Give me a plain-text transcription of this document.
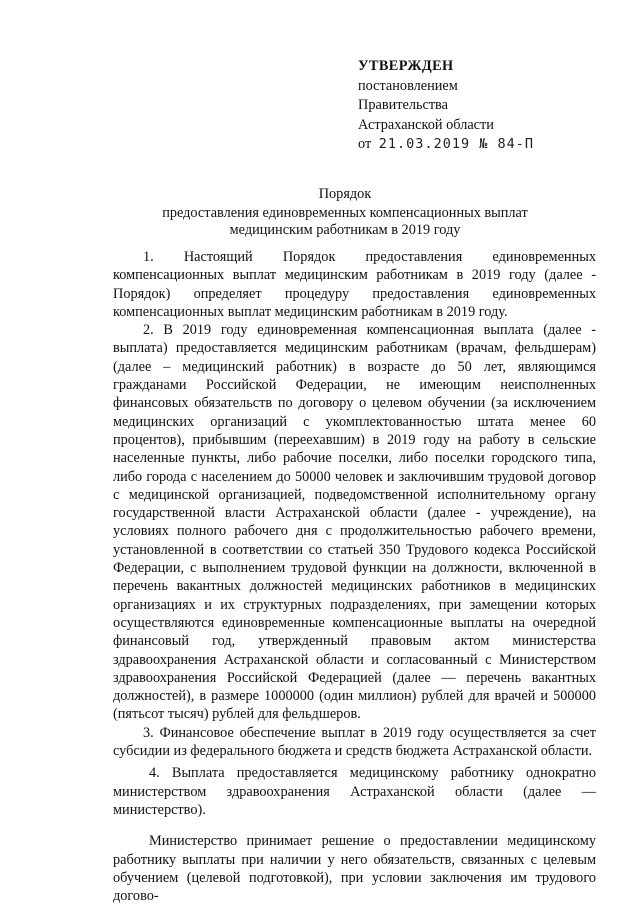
УТВЕРЖДЕН
постановлением
Правительства
Астраханской области
от 21.03.2019 № 84-П
Порядок
предоставления единовременных компенсационных выплат
медицинским работникам в 2019 году

1. Настоящий Порядок предоставления единовременных компенсационных выплат медицинским работникам в 2019 году (далее - Порядок) определяет процедуру предоставления единовременных компенсационных выплат медицинским работникам в 2019 году.

2. В 2019 году единовременная компенсационная выплата (далее - выплата) предоставляется медицинским работникам (врачам, фельдшерам) (далее – медицинский работник) в возрасте до 50 лет, являющимся гражданами Российской Федерации, не имеющим неисполненных финансовых обязательств по договору о целевом обучении (за исключением медицинских организаций с укомплектованностью штата менее 60 процентов), прибывшим (переехавшим) в 2019 году на работу в сельские населенные пункты, либо рабочие поселки, либо поселки городского типа, либо города с населением до 50000 человек и заключившим трудовой договор с медицинской организацией, подведомственной исполнительному органу государственной власти Астраханской области (далее - учреждение), на условиях полного рабочего дня с продолжительностью рабочего времени, установленной в соответствии со статьей 350 Трудового кодекса Российской Федерации, с выполнением трудовой функции на должности, включенной в перечень вакантных должностей медицинских работников в медицинских организациях и их структурных подразделениях, при замещении которых осуществляются единовременные компенсационные выплаты на очередной финансовый год, утвержденный правовым актом министерства здравоохранения Астраханской области и согласованный с Министерством здравоохранения Российской Федерацией (далее — перечень вакантных должностей), в размере 1000000 (один миллион) рублей для врачей и 500000 (пятьсот тысяч) рублей для фельдшеров.

3. Финансовое обеспечение выплат в 2019 году осуществляется за счет субсидии из федерального бюджета и средств бюджета Астраханской области.

4. Выплата предоставляется медицинскому работнику однократно министерством здравоохранения Астраханской области (далее — министерство).

Министерство принимает решение о предоставлении медицинскому работнику выплаты при наличии у него обязательств, связанных с целевым обучением (целевой подготовкой), при условии заключения им трудового догово-
